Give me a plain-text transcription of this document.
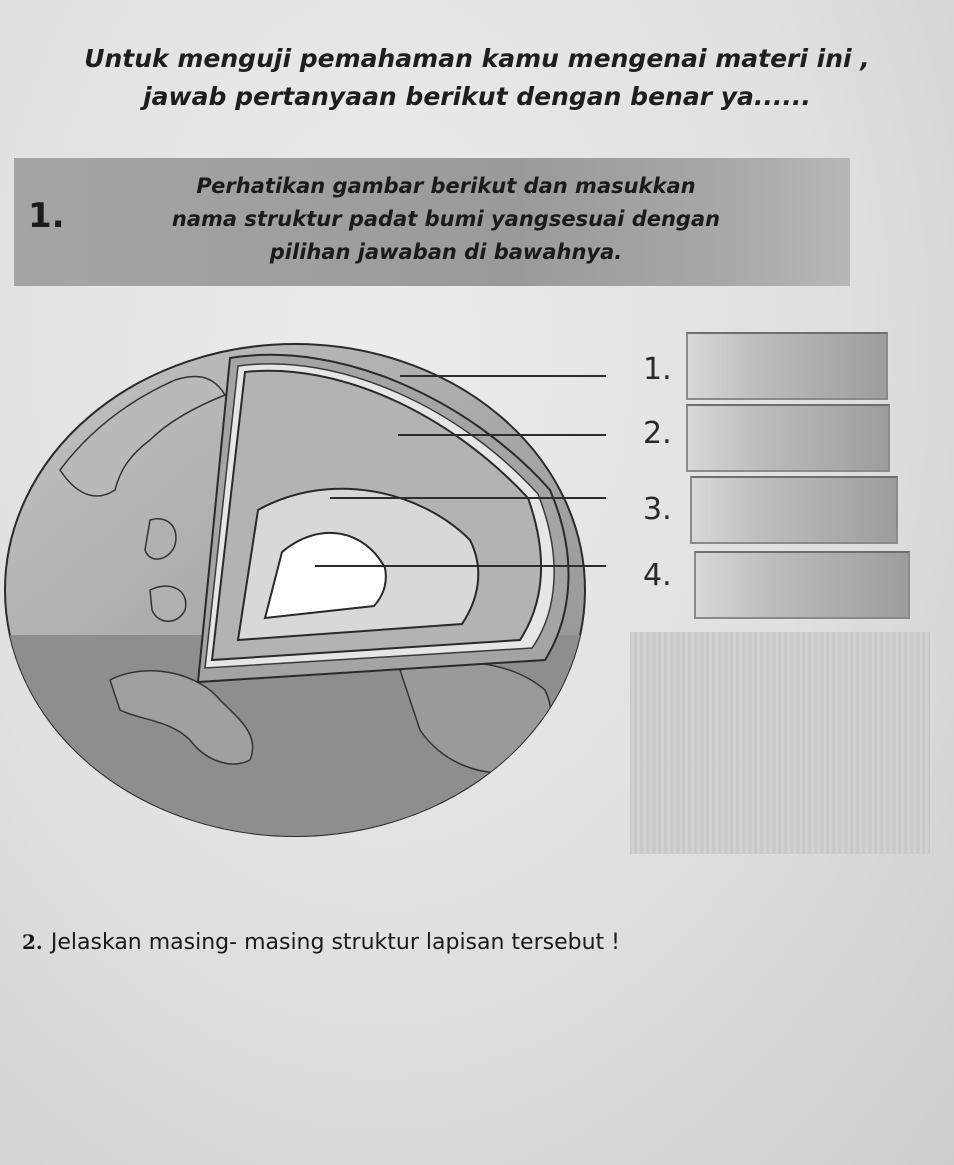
Untuk menguji pemahaman kamu mengenai materi ini ,
jawab pertanyaan berikut dengan benar ya......
1.
Perhatikan gambar berikut dan masukkan
nama struktur padat bumi yangsesuai dengan
pilihan jawaban di bawahnya.
1.
2.
3.
4.
2. Jelaskan masing- masing struktur lapisan tersebut !
